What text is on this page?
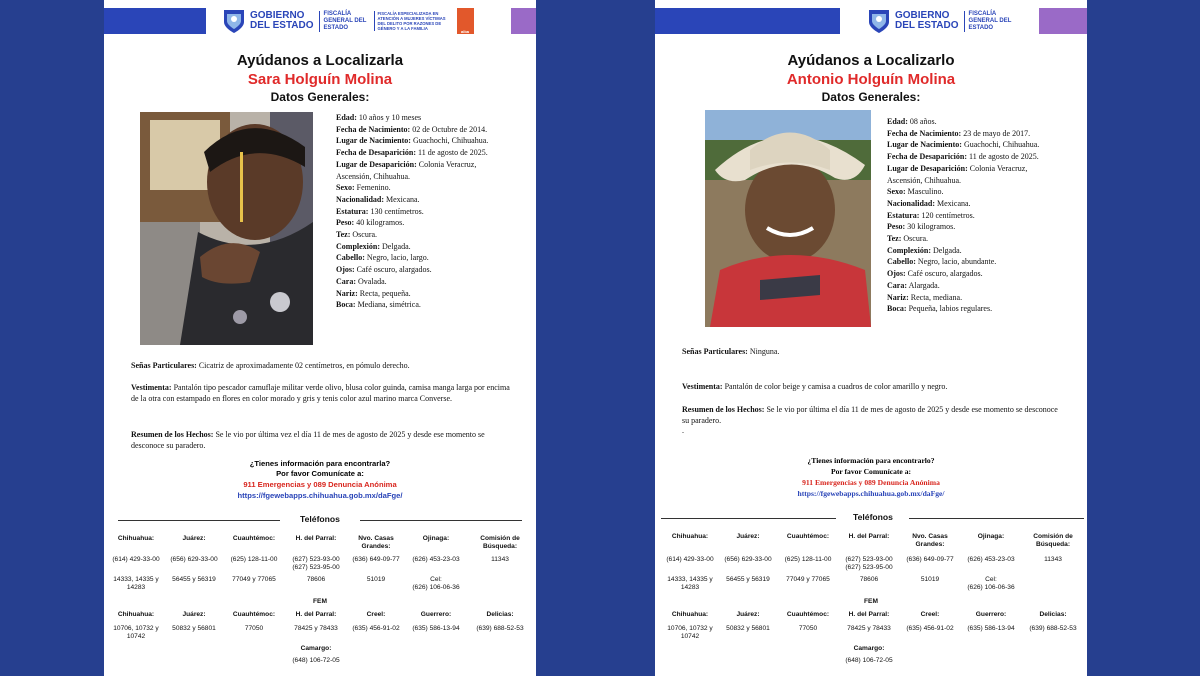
GOBIERNO
DEL ESTADO
FISCALÍA GENERAL DEL ESTADO
FISCALÍA ESPECIALIZADA EN ATENCIÓN A MUJERES VÍCTIMAS DEL DELITO POR RAZONES DE GÉNERO Y A LA FAMILIA
alba
Ayúdanos a Localizarla
Sara Holguín Molina
Datos Generales:
Edad: 10 años y 10 meses
Fecha de Nacimiento: 02 de Octubre de 2014.
Lugar de Nacimiento: Guachochi, Chihuahua.
Fecha de Desaparición: 11 de agosto de 2025.
Lugar de Desaparición: Colonia Veracruz,
Ascensión, Chihuahua.
Sexo: Femenino.
Nacionalidad: Mexicana.
Estatura: 130 centímetros.
Peso: 40 kilogramos.
Tez: Oscura.
Complexión: Delgada.
Cabello: Negro, lacio, largo.
Ojos: Café oscuro, alargados.
Cara: Ovalada.
Nariz: Recta, pequeña.
Boca: Mediana, simétrica.
Señas Particulares: Cicatriz de aproximadamente 02 centímetros, en pómulo derecho.
Vestimenta: Pantalón tipo pescador camuflaje militar verde olivo, blusa color guinda, camisa manga larga por encima de la otra con estampado en flores en color morado y gris y tenis color azul marino marca Converse.
Resumen de los Hechos: Se le vio por última vez el día 11 de mes de agosto de 2025 y desde ese momento se desconoce su paradero.
¿Tienes información para encontrarla?
Por favor Comunícate a:
911 Emergencias y 089 Denuncia Anónima
https://fgewebapps.chihuahua.gob.mx/daFge/
Teléfonos
Chihuahua:
(614) 429-33-00
14333, 14335 y 14283
Chihuahua:
10706, 10732 y 10742
Juárez:
(656) 629-33-00
56455 y 56319
Juárez:
50832 y 56801
Cuauhtémoc:
(625) 128-11-00
77049 y 77065
Cuauhtémoc:
77050
H. del Parral:
(627) 523-93-00
(627) 523-95-00
78606
H. del Parral:
78425 y 78433
Nvo. Casas Grandes:
(636) 649-09-77
51019
Creel:
(635) 456-91-02
Ojinaga:
(626) 453-23-03
Cel:
(626) 106-06-36
Guerrero:
(635) 586-13-94
Comisión de Búsqueda:
11343
Delicias:
(639) 688-52-53
FEM
Camargo:
(648) 106-72-05
GOBIERNO
DEL ESTADO
FISCALÍA GENERAL DEL ESTADO
Ayúdanos a Localizarlo
Antonio Holguín Molina
Datos Generales:
Edad: 08 años.
Fecha de Nacimiento: 23 de mayo de 2017.
Lugar de Nacimiento: Guachochi, Chihuahua.
Fecha de Desaparición: 11 de agosto de 2025.
Lugar de Desaparición: Colonia Veracruz,
Ascensión, Chihuahua.
Sexo: Masculino.
Nacionalidad: Mexicana.
Estatura: 120 centímetros.
Peso: 30 kilogramos.
Tez: Oscura.
Complexión: Delgada.
Cabello: Negro, lacio, abundante.
Ojos: Café oscuro, alargados.
Cara: Alargada.
Nariz: Recta, mediana.
Boca: Pequeña, labios regulares.
Señas Particulares: Ninguna.
Vestimenta: Pantalón de color beige y camisa a cuadros de color amarillo y negro.
Resumen de los Hechos: Se le vio por última el día 11 de mes de agosto de 2025 y desde ese momento se desconoce su paradero.
.
¿Tienes información para encontrarlo?
Por favor Comunícate a:
911 Emergencias y 089 Denuncia Anónima
https://fgewebapps.chihuahua.gob.mx/daFge/
Teléfonos
Chihuahua:
(614) 429-33-00
14333, 14335 y 14283
Chihuahua:
10706, 10732 y 10742
Juárez:
(656) 629-33-00
56455 y 56319
Juárez:
50832 y 56801
Cuauhtémoc:
(625) 128-11-00
77049 y 77065
Cuauhtémoc:
77050
H. del Parral:
(627) 523-93-00
(627) 523-95-00
78606
H. del Parral:
78425 y 78433
Nvo. Casas Grandes:
(636) 649-09-77
51019
Creel:
(635) 456-91-02
Ojinaga:
(626) 453-23-03
Cel:
(626) 106-06-36
Guerrero:
(635) 586-13-94
Comisión de Búsqueda:
11343
Delicias:
(639) 688-52-53
FEM
Camargo:
(648) 106-72-05
